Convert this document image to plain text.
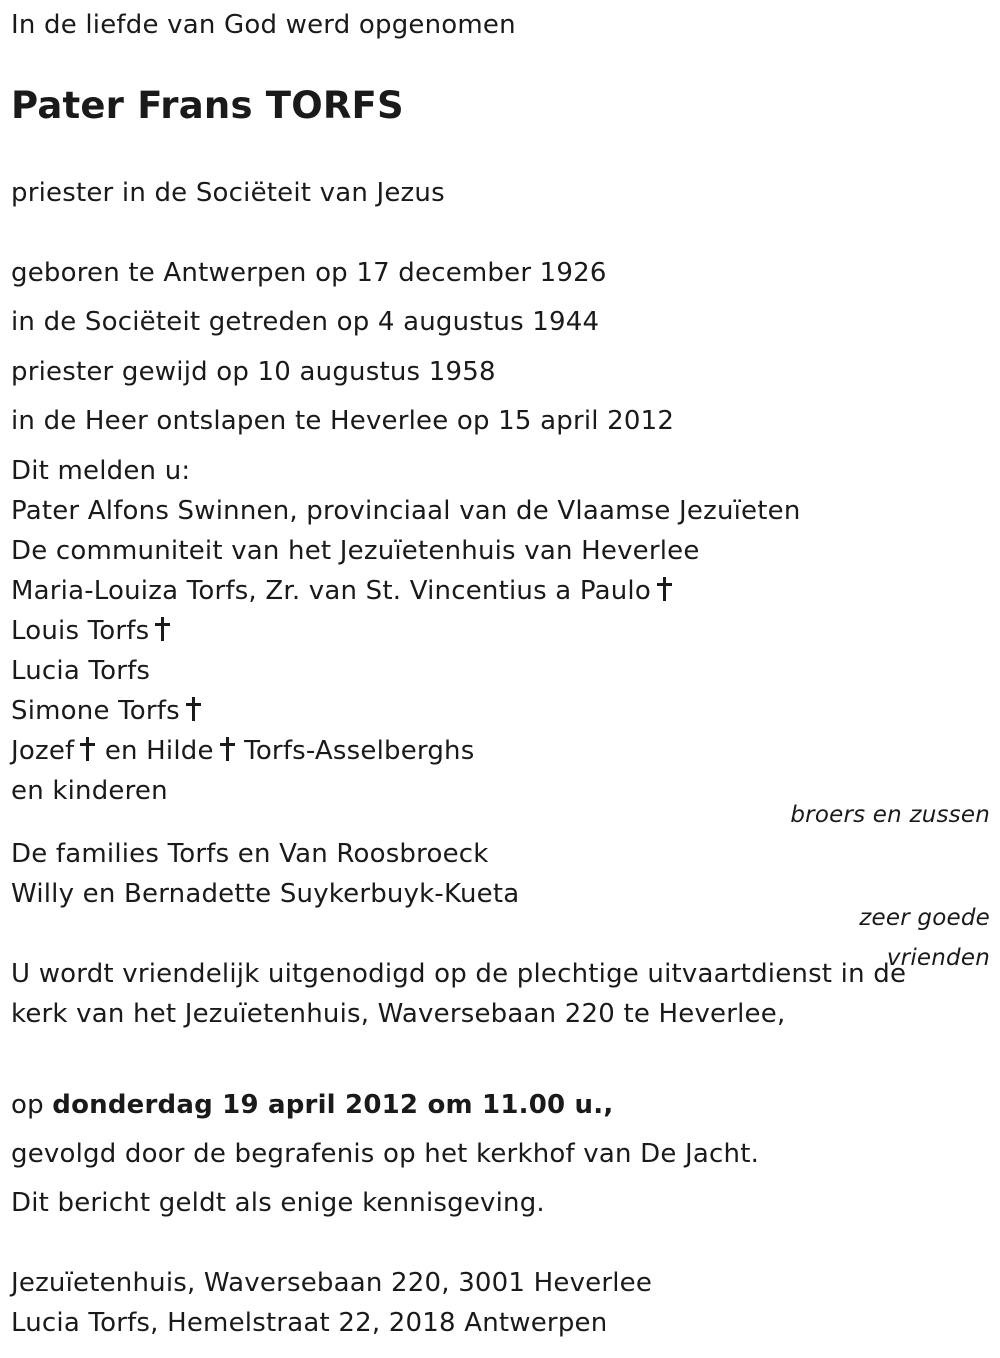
In de liefde van God werd opgenomen
Pater Frans TORFS
priester in de Sociëteit van Jezus
geboren te Antwerpen op 17 december 1926
in de Sociëteit getreden op 4 augustus 1944
priester gewijd op 10 augustus 1958
in de Heer ontslapen te Heverlee op 15 april 2012
Dit melden u:
Pater Alfons Swinnen, provinciaal van de Vlaamse Jezuïeten
De communiteit van het Jezuïetenhuis van Heverlee
Maria-Louiza Torfs, Zr. van St. Vincentius a Paulo
Louis Torfs
Lucia Torfs
Simone Torfs
Jozef en Hilde Torfs-Asselberghs
en kinderen
broers en zussen
De families Torfs en Van Roosbroeck
Willy en Bernadette Suykerbuyk-Kueta
zeer goede
vrienden
U wordt vriendelijk uitgenodigd op de plechtige uitvaartdienst in de kerk van het Jezuïetenhuis, Waversebaan 220 te Heverlee,
op donderdag 19 april 2012 om 11.00 u.,
gevolgd door de begrafenis op het kerkhof van De Jacht.
Dit bericht geldt als enige kennisgeving.
Jezuïetenhuis, Waversebaan 220, 3001 Heverlee
Lucia Torfs, Hemelstraat 22, 2018 Antwerpen
